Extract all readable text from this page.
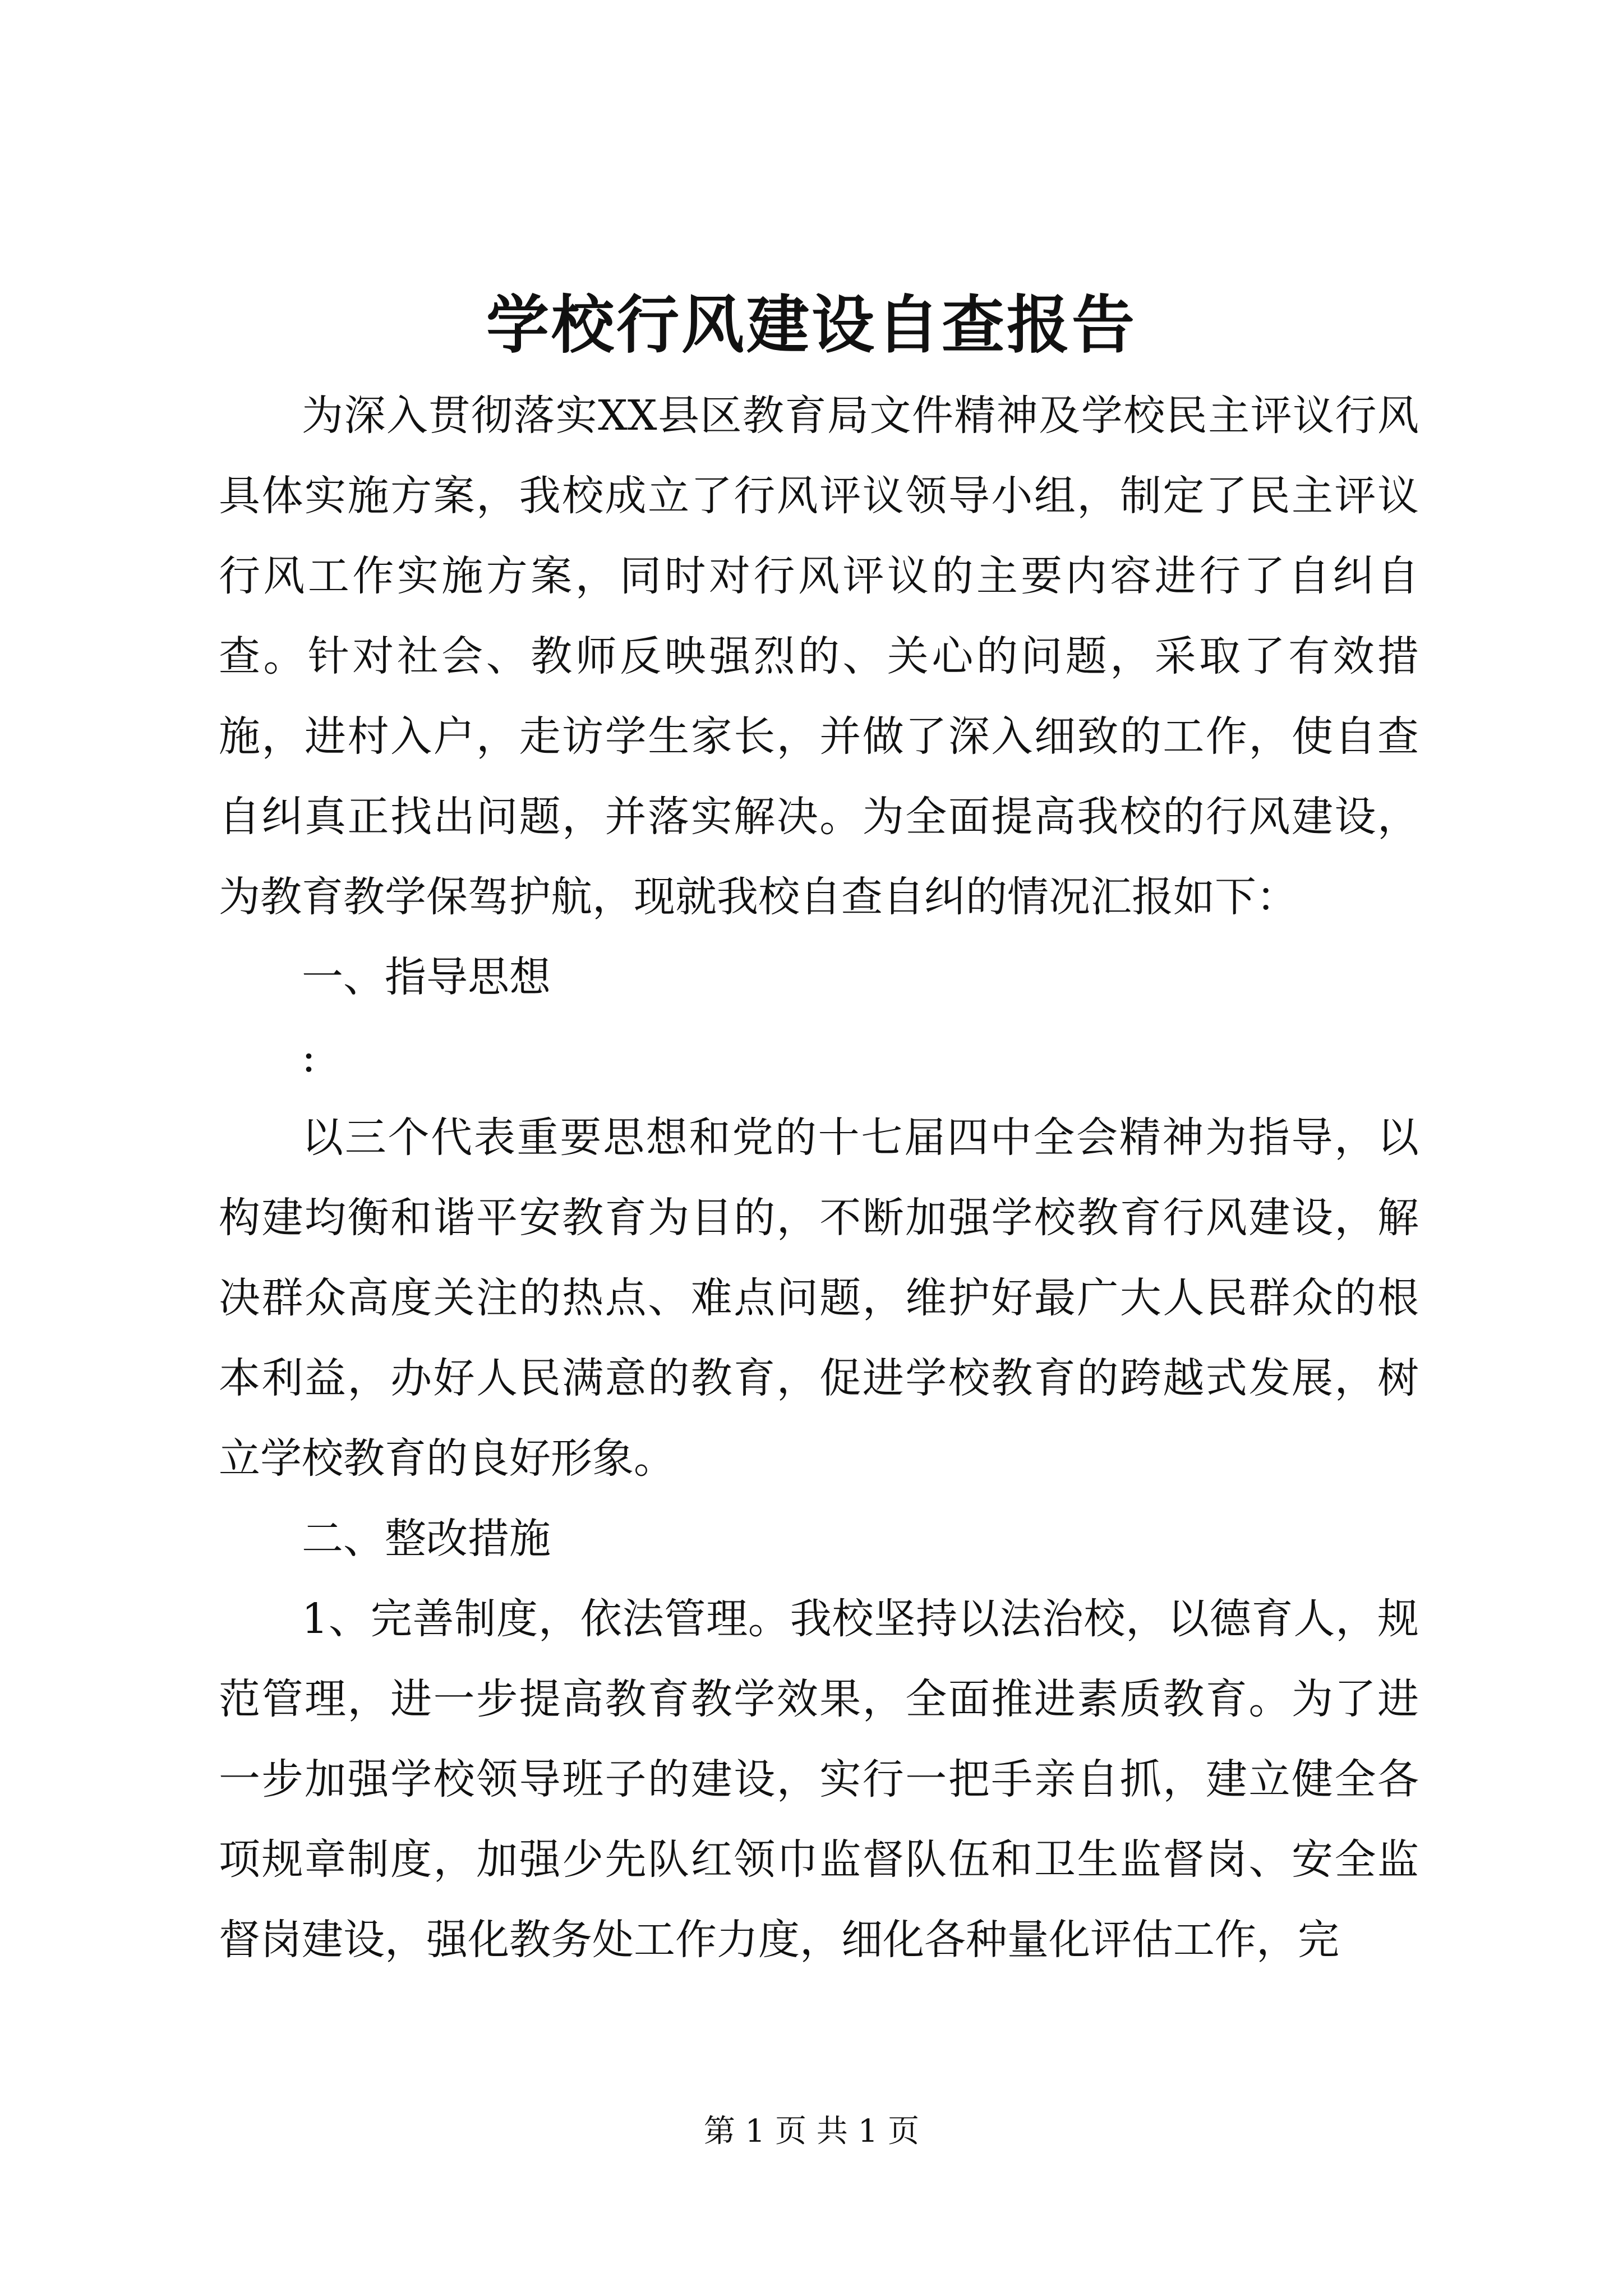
学校行风建设自查报告

为深入贯彻落实XX县区教育局文件精神及学校民主评议行风具体实施方案，我校成立了行风评议领导小组，制定了民主评议行风工作实施方案，同时对行风评议的主要内容进行了自纠自查。针对社会、教师反映强烈的、关心的问题，采取了有效措施，进村入户，走访学生家长，并做了深入细致的工作，使自查自纠真正找出问题，并落实解决。为全面提高我校的行风建设，为教育教学保驾护航，现就我校自查自纠的情况汇报如下：

一、指导思想

:

以三个代表重要思想和党的十七届四中全会精神为指导，以构建均衡和谐平安教育为目的，不断加强学校教育行风建设，解决群众高度关注的热点、难点问题，维护好最广大人民群众的根本利益，办好人民满意的教育，促进学校教育的跨越式发展，树立学校教育的良好形象。

二、整改措施

1、完善制度，依法管理。我校坚持以法治校，以德育人，规范管理，进一步提高教育教学效果，全面推进素质教育。为了进一步加强学校领导班子的建设，实行一把手亲自抓，建立健全各项规章制度，加强少先队红领巾监督队伍和卫生监督岗、安全监督岗建设，强化教务处工作力度，细化各种量化评估工作，完

第 1 页 共 1 页
